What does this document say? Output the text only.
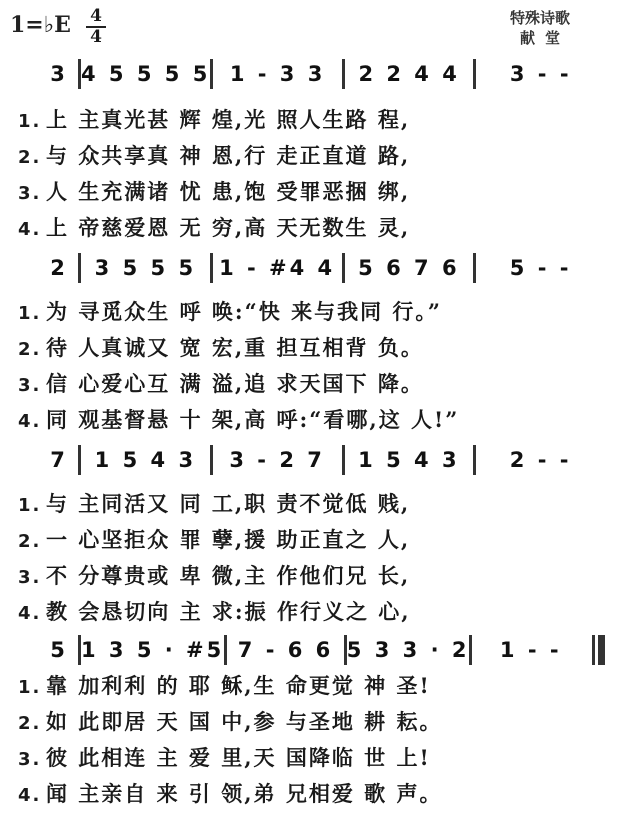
1=♭E 4
4
特殊诗歌
献堂
3 4 5 5 5 5 1 - 3 3	2 2 4 4	3 - -
1. 上 主真光甚 辉 煌,光 照人生路 程,
2. 与 众共享真 神 恩,行 走正直道 路,
3. 人 生充满诸 忧 患,饱 受罪恶捆 绑,
4. 上 帝慈爱恩 无 穷,高 天无数生 灵,
2	3 5 5 5	1 - #4 4	5 6 7 6	5 - -
1. 为 寻觅众生 呼 唤:“快 来与我同 行。”
2. 待 人真诚又 宽 宏,重 担互相背 负。
3. 信 心爱心互 满 溢,追 求天国下 降。
4. 同 观基督悬 十 架,高 呼:“看哪,这 人!”
7	1 5 4 3	3 - 2 7	1 5 4 3	2 - -
1. 与 主同活又 同 工,职 责不觉低 贱,
2. 一 心坚拒众 罪 孽,援 助正直之 人,
3. 不 分尊贵或 卑 微,主 作他们兄 长,
4. 教 会恳切向 主 求:振 作行义之 心,
5 1 3 5 · #5 7 - 6 6 5 3 3 · 2	1 - -
1. 靠 加利利 的 耶 稣,生 命更觉 神 圣!
2. 如 此即居 天 国 中,参 与圣地 耕 耘。
3. 彼 此相连 主 爱 里,天 国降临 世 上!
4. 闻 主亲自 来 引 领,弟 兄相爱 歌 声。
